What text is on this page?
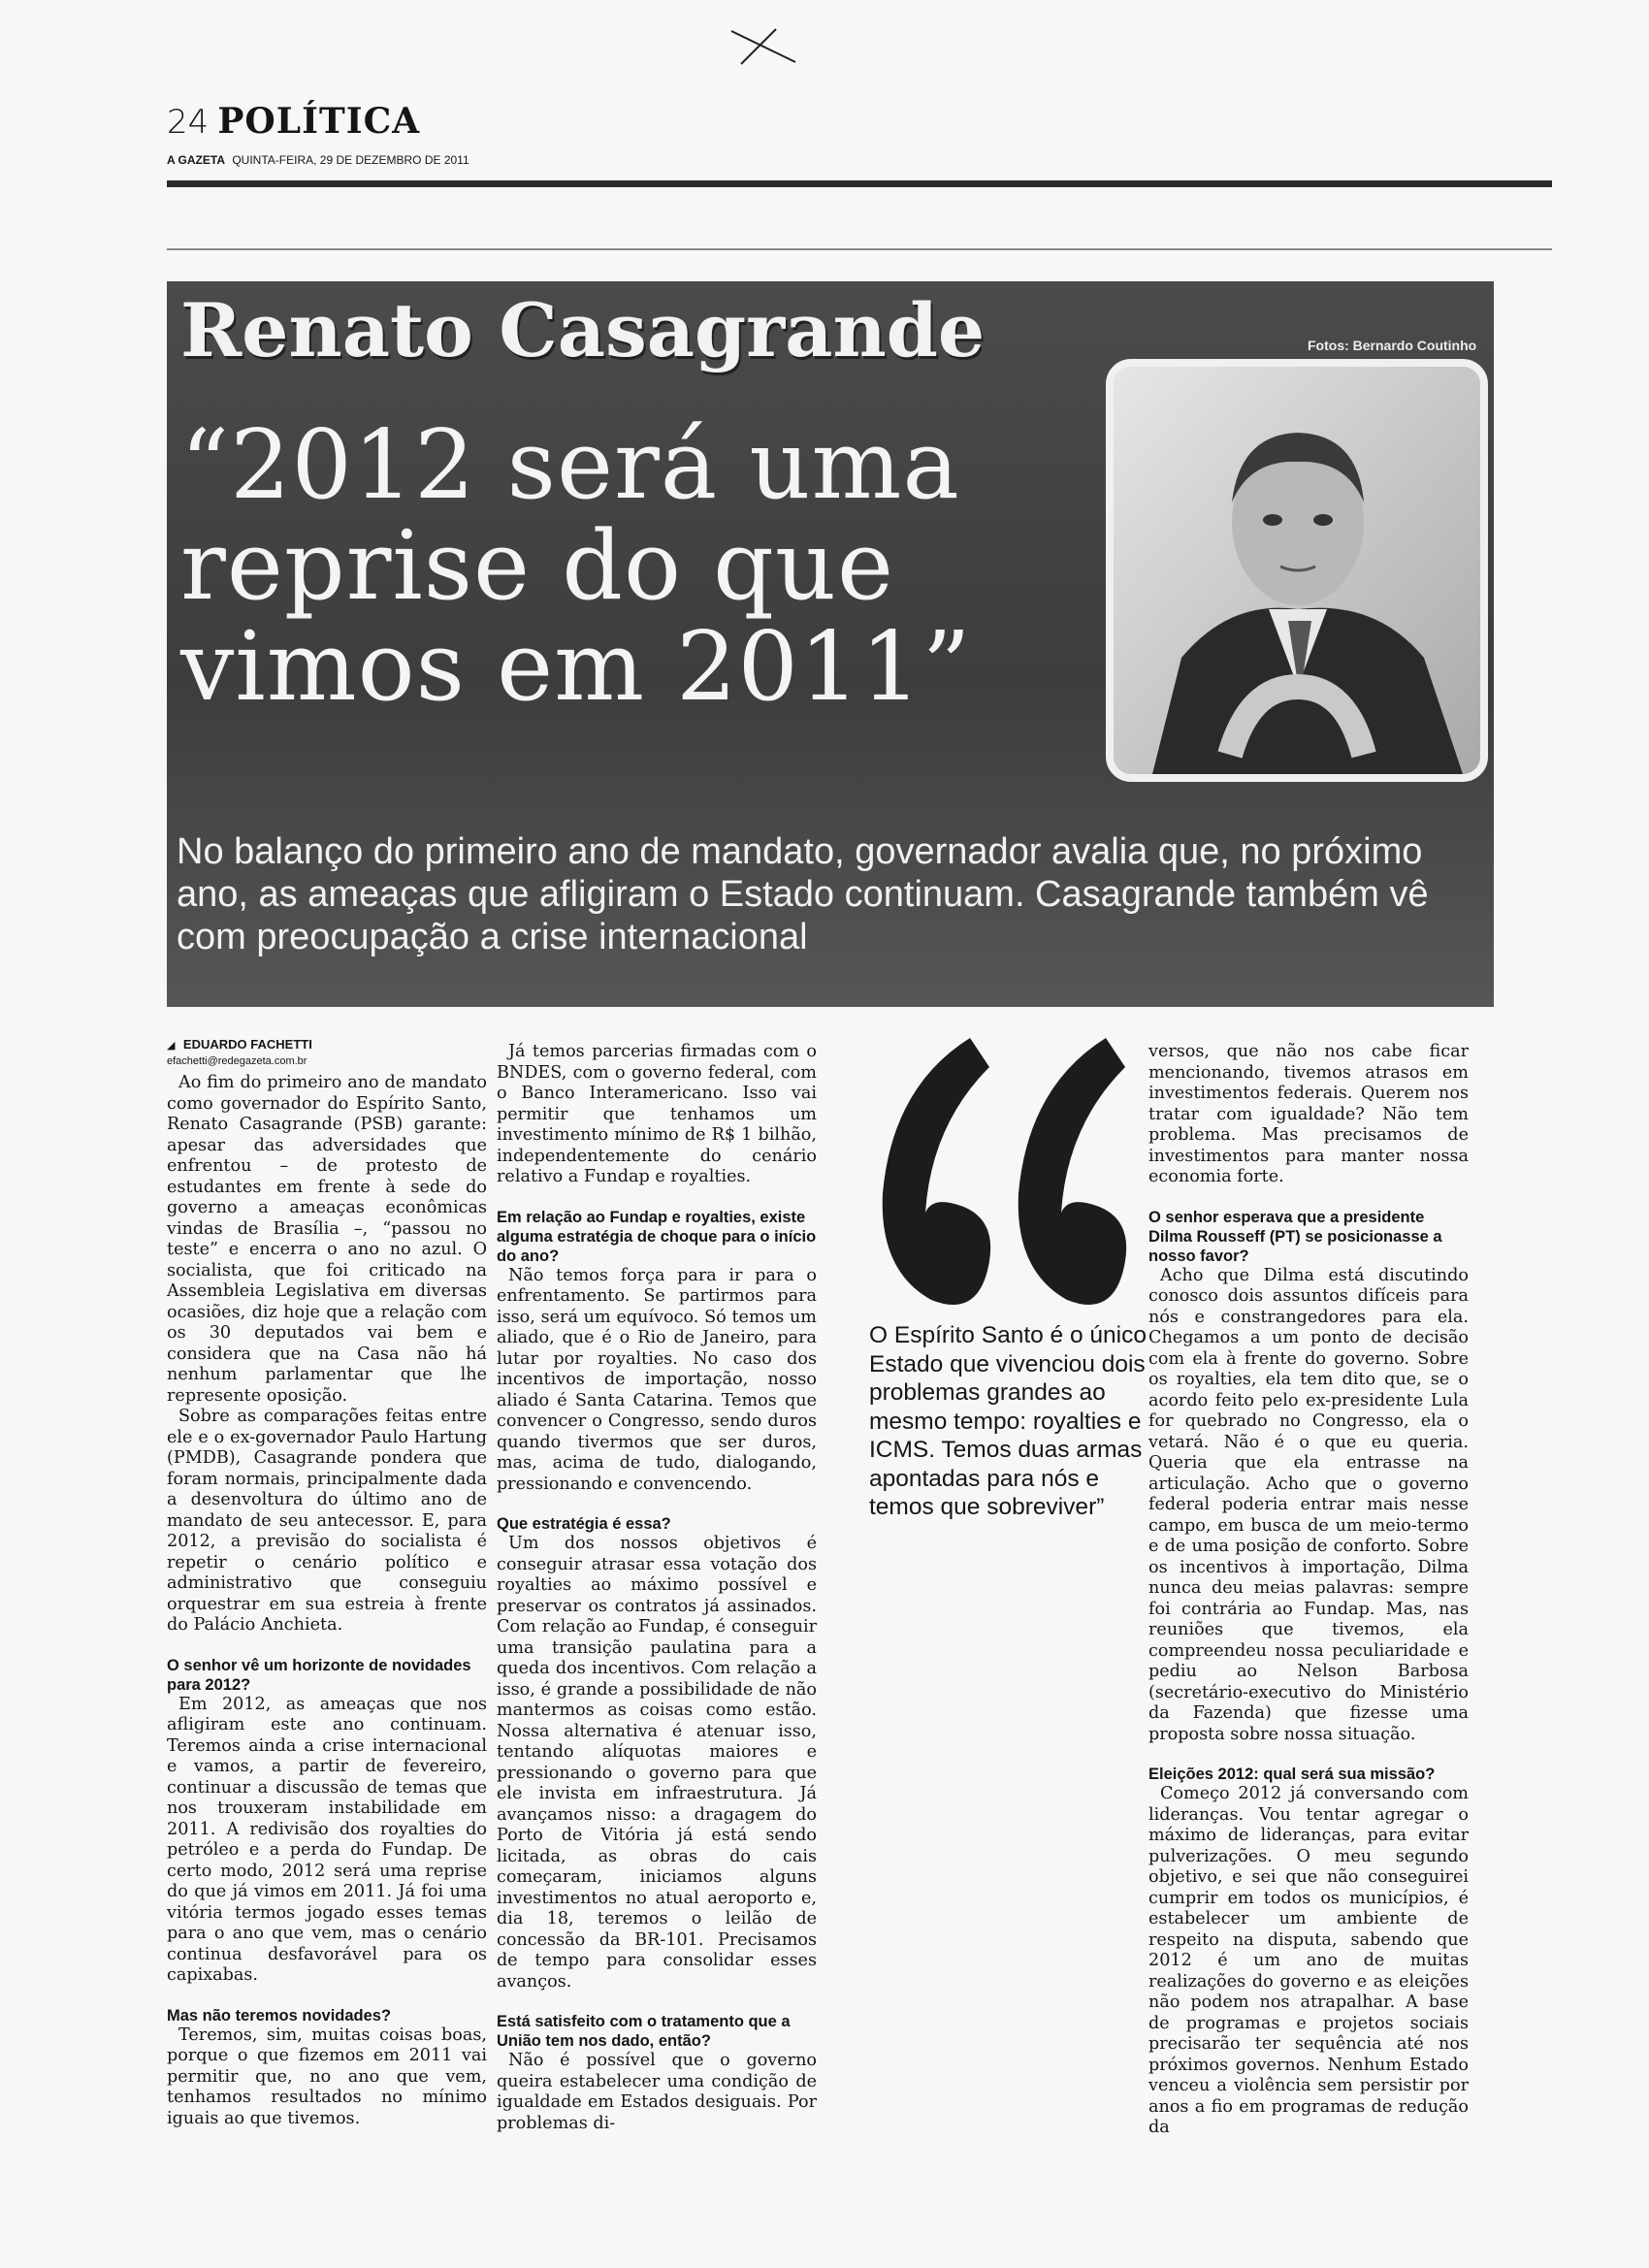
24 POLÍTICA
A GAZETA QUINTA-FEIRA, 29 DE DEZEMBRO DE 2011
Renato Casagrande
“2012 será uma reprise do que vimos em 2011”
Fotos: Bernardo Coutinho
No balanço do primeiro ano de mandato, governador avalia que, no próximo ano, as ameaças que afligiram o Estado continuam. Casagrande também vê com preocupação a crise internacional
◢ EDUARDO FACHETTI
efachetti@redegazeta.com.br

Ao fim do primeiro ano de mandato como governador do Espírito Santo, Renato Casagrande (PSB) garante: apesar das adversidades que enfrentou – de protesto de estudantes em frente à sede do governo a ameaças econômicas vindas de Brasília –, “passou no teste” e encerra o ano no azul. O socialista, que foi criticado na Assembleia Legislativa em diversas ocasiões, diz hoje que a relação com os 30 deputados vai bem e considera que na Casa não há nenhum parlamentar que lhe represente oposição.

Sobre as comparações feitas entre ele e o ex-governador Paulo Hartung (PMDB), Casagrande pondera que foram normais, principalmente dada a desenvoltura do último ano de mandato de seu antecessor. E, para 2012, a previsão do socialista é repetir o cenário político e administrativo que conseguiu orquestrar em sua estreia à frente do Palácio Anchieta.

O senhor vê um horizonte de novidades para 2012?

Em 2012, as ameaças que nos afligiram este ano continuam. Teremos ainda a crise internacional e vamos, a partir de fevereiro, continuar a discussão de temas que nos trouxeram instabilidade em 2011. A redivisão dos royalties do petróleo e a perda do Fundap. De certo modo, 2012 será uma reprise do que já vimos em 2011. Já foi uma vitória termos jogado esses temas para o ano que vem, mas o cenário continua desfavorável para os capixabas.

Mas não teremos novidades?

Teremos, sim, muitas coisas boas, porque o que fizemos em 2011 vai permitir que, no ano que vem, tenhamos resultados no mínimo iguais ao que tivemos.

Já temos parcerias firmadas com o BNDES, com o governo federal, com o Banco Interamericano. Isso vai permitir que tenhamos um investimento mínimo de R$ 1 bilhão, independentemente do cenário relativo a Fundap e royalties.

Em relação ao Fundap e royalties, existe alguma estratégia de choque para o início do ano?

Não temos força para ir para o enfrentamento. Se partirmos para isso, será um equívoco. Só temos um aliado, que é o Rio de Janeiro, para lutar por royalties. No caso dos incentivos de importação, nosso aliado é Santa Catarina. Temos que convencer o Congresso, sendo duros quando tivermos que ser duros, mas, acima de tudo, dialogando, pressionando e convencendo.

Que estratégia é essa?

Um dos nossos objetivos é conseguir atrasar essa votação dos royalties ao máximo possível e preservar os contratos já assinados. Com relação ao Fundap, é conseguir uma transição paulatina para a queda dos incentivos. Com relação a isso, é grande a possibilidade de não mantermos as coisas como estão. Nossa alternativa é atenuar isso, tentando alíquotas maiores e pressionando o governo para que ele invista em infraestrutura. Já avançamos nisso: a dragagem do Porto de Vitória já está sendo licitada, as obras do cais começaram, iniciamos alguns investimentos no atual aeroporto e, dia 18, teremos o leilão de concessão da BR-101. Precisamos de tempo para consolidar esses avanços.

Está satisfeito com o tratamento que a União tem nos dado, então?

Não é possível que o governo queira estabelecer uma condição de igualdade em Estados desiguais. Por problemas di-

O Espírito Santo é o único Estado que vivenciou dois problemas grandes ao mesmo tempo: royalties e ICMS. Temos duas armas apontadas para nós e temos que sobreviver”

versos, que não nos cabe ficar mencionando, tivemos atrasos em investimentos federais. Querem nos tratar com igualdade? Não tem problema. Mas precisamos de investimentos para manter nossa economia forte.

O senhor esperava que a presidente Dilma Rousseff (PT) se posicionasse a nosso favor?

Acho que Dilma está discutindo conosco dois assuntos difíceis para nós e constrangedores para ela. Chegamos a um ponto de decisão com ela à frente do governo. Sobre os royalties, ela tem dito que, se o acordo feito pelo ex-presidente Lula for quebrado no Congresso, ela o vetará. Não é o que eu queria. Queria que ela entrasse na articulação. Acho que o governo federal poderia entrar mais nesse campo, em busca de um meio-termo e de uma posição de conforto. Sobre os incentivos à importação, Dilma nunca deu meias palavras: sempre foi contrária ao Fundap. Mas, nas reuniões que tivemos, ela compreendeu nossa peculiaridade e pediu ao Nelson Barbosa (secretário-executivo do Ministério da Fazenda) que fizesse uma proposta sobre nossa situação.

Eleições 2012: qual será sua missão?

Começo 2012 já conversando com lideranças. Vou tentar agregar o máximo de lideranças, para evitar pulverizações. O meu segundo objetivo, e sei que não conseguirei cumprir em todos os municípios, é estabelecer um ambiente de respeito na disputa, sabendo que 2012 é um ano de muitas realizações do governo e as eleições não podem nos atrapalhar. A base de programas e projetos sociais precisarão ter sequência até nos próximos governos. Nenhum Estado venceu a violência sem persistir por anos a fio em programas de redução da
